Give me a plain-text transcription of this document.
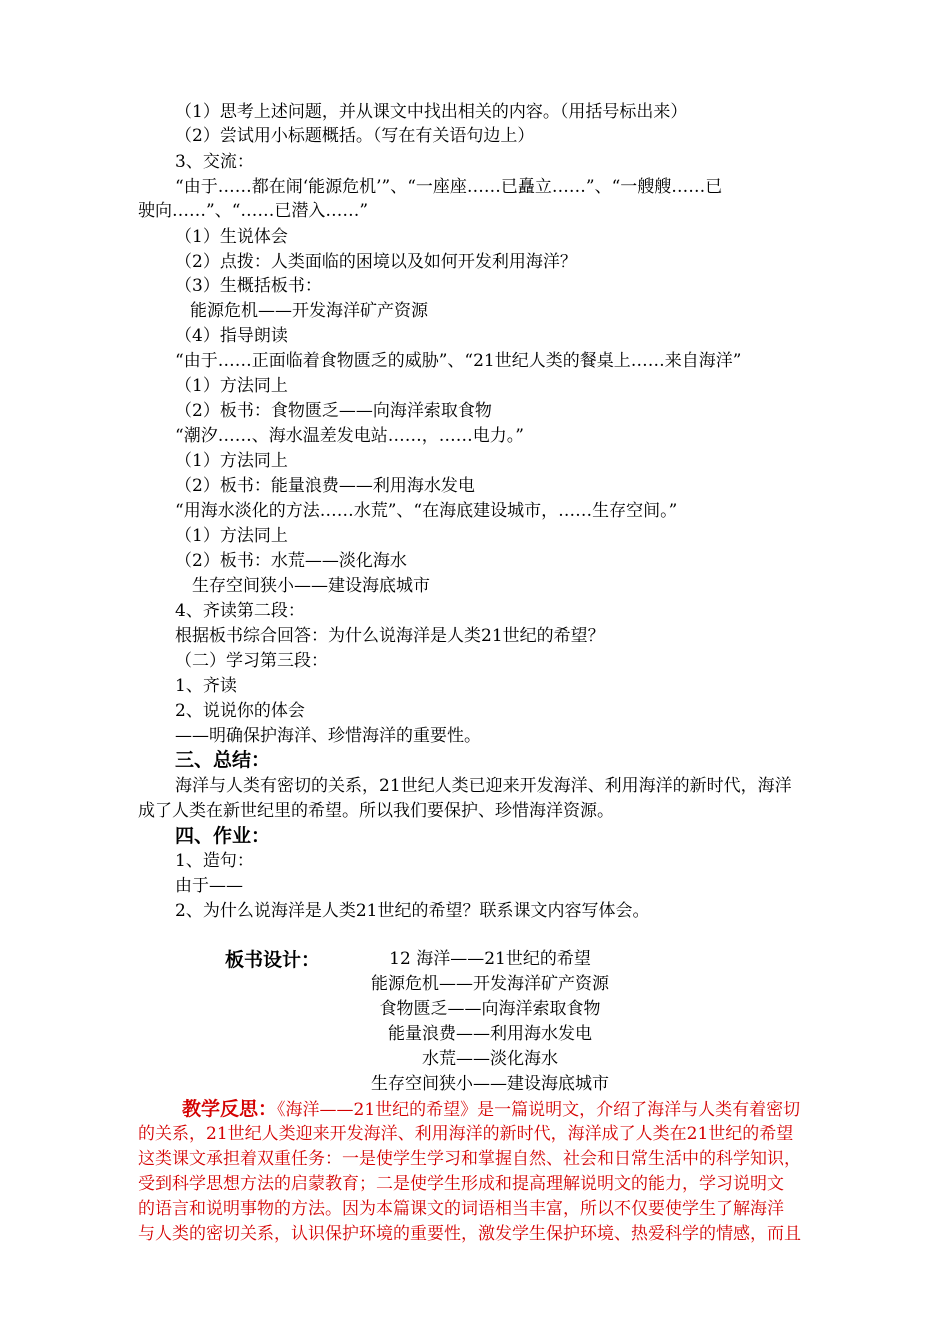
（1）思考上述问题，并从课文中找出相关的内容。（用括号标出来）
（2）尝试用小标题概括。（写在有关语句边上）
3、交流：
“由于……都在闹‘能源危机’”、“一座座……已矗立……”、“一艘艘……已
驶向……”、“……已潜入……”
（1）生说体会
（2）点拨：人类面临的困境以及如何开发利用海洋？
（3）生概括板书：
能源危机——开发海洋矿产资源
（4）指导朗读
“由于……正面临着食物匮乏的威胁”、“21世纪人类的餐桌上……来自海洋”
（1）方法同上
（2）板书：食物匮乏——向海洋索取食物
“潮汐……、海水温差发电站……，……电力。”
（1）方法同上
（2）板书：能量浪费——利用海水发电
“用海水淡化的方法……水荒”、“在海底建设城市，……生存空间。”
（1）方法同上
（2）板书：水荒——淡化海水
生存空间狭小——建设海底城市
4、齐读第二段：
根据板书综合回答：为什么说海洋是人类21世纪的希望？
（二）学习第三段：
1、齐读
2、说说你的体会
——明确保护海洋、珍惜海洋的重要性。
三、总结：
海洋与人类有密切的关系，21世纪人类已迎来开发海洋、利用海洋的新时代，海洋
成了人类在新世纪里的希望。所以我们要保护、珍惜海洋资源。
四、作业：
1、造句：
由于——
2、为什么说海洋是人类21世纪的希望？联系课文内容写体会。
板书设计：	12 海洋——21世纪的希望
能源危机——开发海洋矿产资源
食物匮乏——向海洋索取食物
能量浪费——利用海水发电
水荒——淡化海水
生存空间狭小——建设海底城市
教学反思：《海洋——21世纪的希望》是一篇说明文，介绍了海洋与人类有着密切
的关系，21世纪人类迎来开发海洋、利用海洋的新时代，海洋成了人类在21世纪的希望
这类课文承担着双重任务：一是使学生学习和掌握自然、社会和日常生活中的科学知识，
受到科学思想方法的启蒙教育；二是使学生形成和提高理解说明文的能力，学习说明文
的语言和说明事物的方法。因为本篇课文的词语相当丰富，所以不仅要使学生了解海洋
与人类的密切关系，认识保护环境的重要性，激发学生保护环境、热爱科学的情感，而且
